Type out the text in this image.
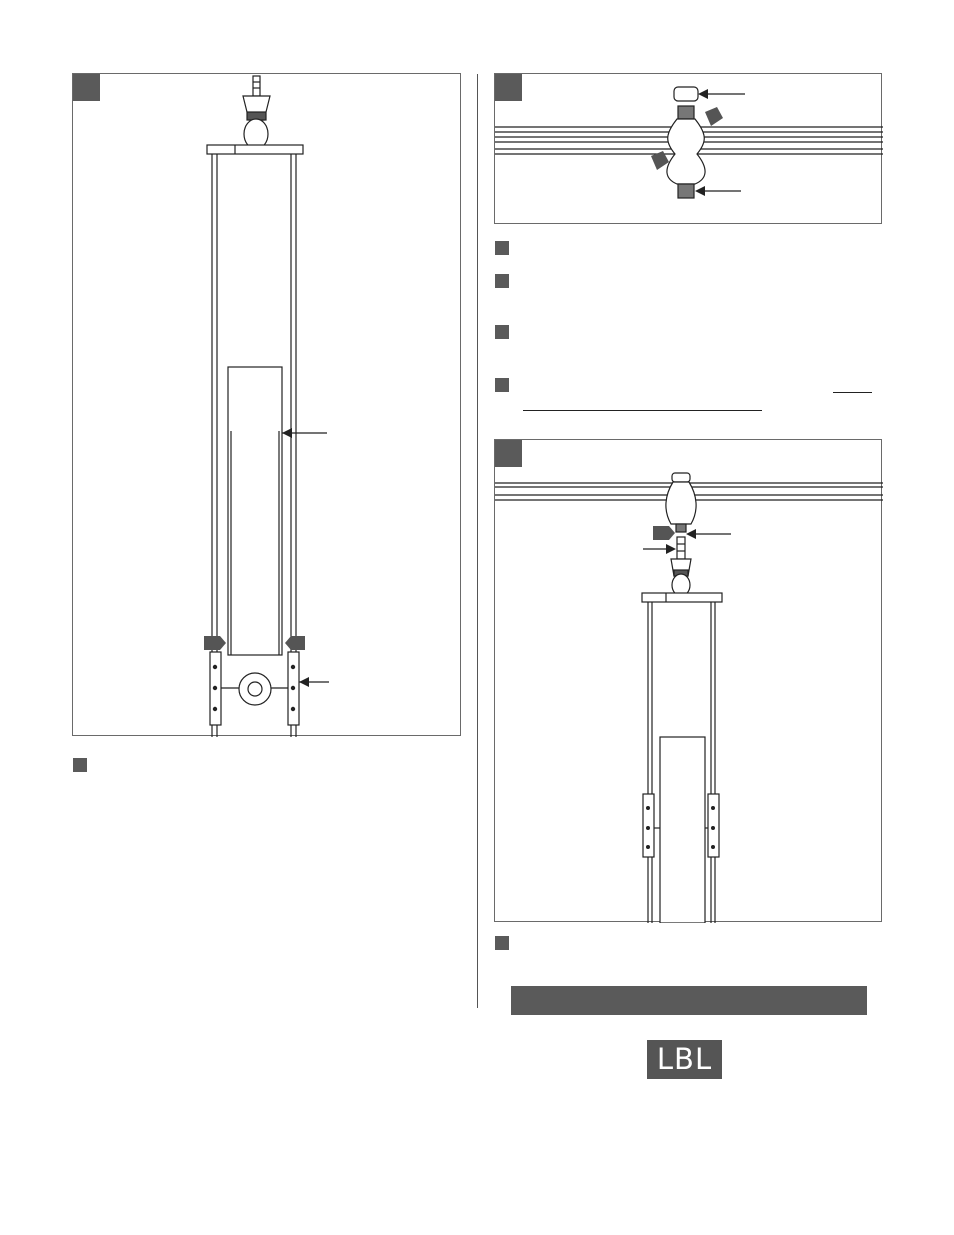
LBL
